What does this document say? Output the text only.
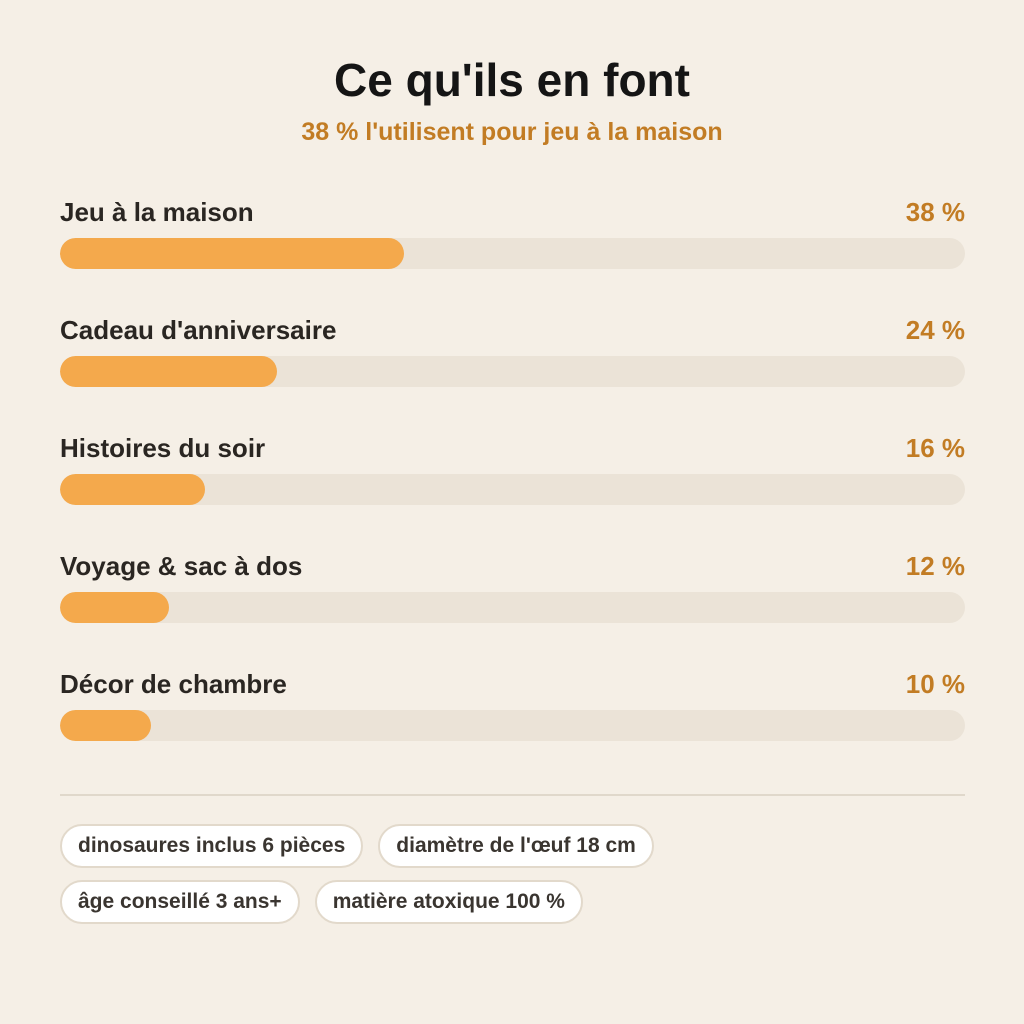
Ce qu'ils en font
38 % l'utilisent pour jeu à la maison
Jeu à la maison	38 %
Cadeau d'anniversaire	24 %
Histoires du soir	16 %
Voyage & sac à dos	12 %
Décor de chambre	10 %
dinosaures inclus 6 pièces	diamètre de l'œuf 18 cm
âge conseillé 3 ans+	matière atoxique 100 %
